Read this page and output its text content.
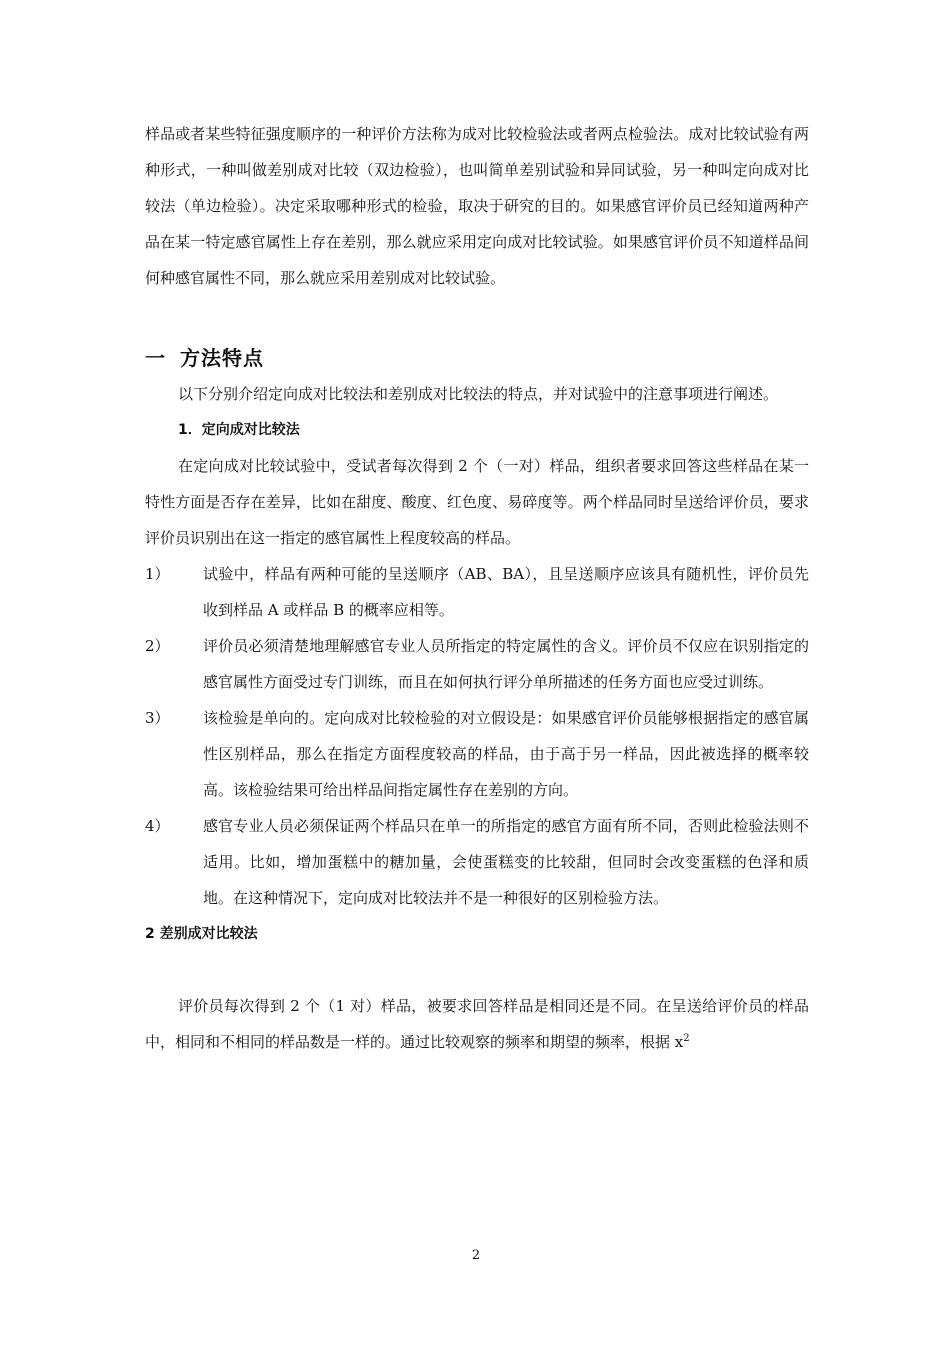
样品或者某些特征强度顺序的一种评价方法称为成对比较检验法或者两点检验法。成对比较试验有两种形式，一种叫做差别成对比较（双边检验），也叫简单差别试验和异同试验，另一种叫定向成对比较法（单边检验）。决定采取哪种形式的检验，取决于研究的目的。如果感官评价员已经知道两种产品在某一特定感官属性上存在差别，那么就应采用定向成对比较试验。如果感官评价员不知道样品间何种感官属性不同，那么就应采用差别成对比较试验。

一 方法特点

以下分别介绍定向成对比较法和差别成对比较法的特点，并对试验中的注意事项进行阐述。

1．定向成对比较法

在定向成对比较试验中，受试者每次得到 2 个（一对）样品，组织者要求回答这些样品在某一特性方面是否存在差异，比如在甜度、酸度、红色度、易碎度等。两个样品同时呈送给评价员，要求评价员识别出在这一指定的感官属性上程度较高的样品。

1）	试验中，样品有两种可能的呈送顺序（AB、BA），且呈送顺序应该具有随机性，评价员先收到样品 A 或样品 B 的概率应相等。
2）	评价员必须清楚地理解感官专业人员所指定的特定属性的含义。评价员不仅应在识别指定的感官属性方面受过专门训练，而且在如何执行评分单所描述的任务方面也应受过训练。
3）	该检验是单向的。定向成对比较检验的对立假设是：如果感官评价员能够根据指定的感官属性区别样品，那么在指定方面程度较高的样品，由于高于另一样品，因此被选择的概率较高。该检验结果可给出样品间指定属性存在差别的方向。
4）	感官专业人员必须保证两个样品只在单一的所指定的感官方面有所不同，否则此检验法则不适用。比如，增加蛋糕中的糖加量，会使蛋糕变的比较甜，但同时会改变蛋糕的色泽和质地。在这种情况下，定向成对比较法并不是一种很好的区别检验方法。
2 差别成对比较法

评价员每次得到 2 个（1 对）样品，被要求回答样品是相同还是不同。在呈送给评价员的样品中，相同和不相同的样品数是一样的。通过比较观察的频率和期望的频率，根据 $x^2$

2
